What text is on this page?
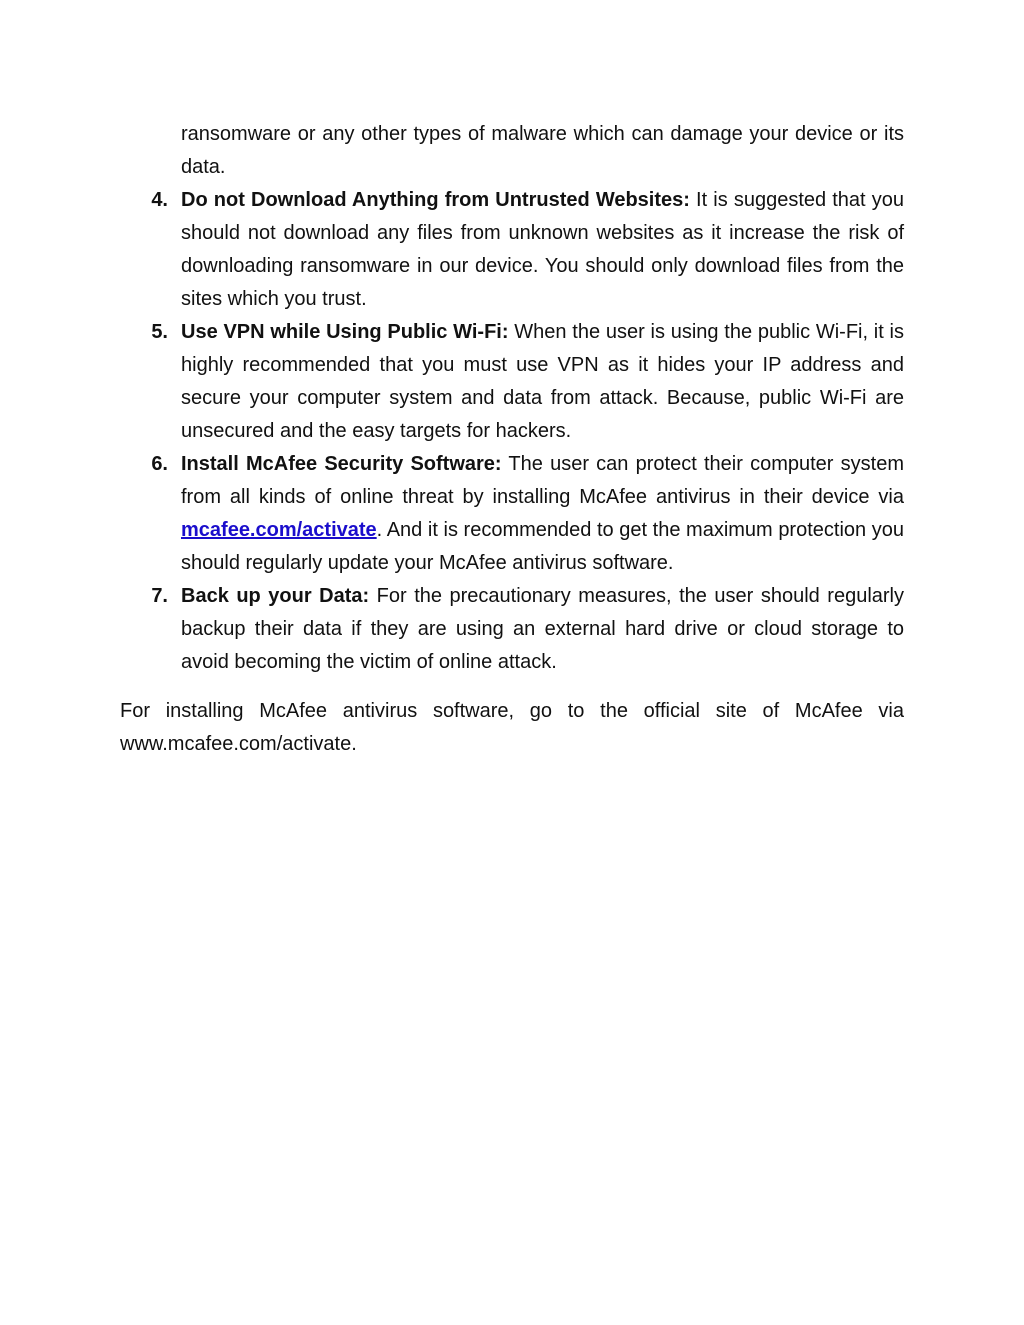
ransomware or any other types of malware which can damage your device or its data.

4. Do not Download Anything from Untrusted Websites: It is suggested that you should not download any files from unknown websites as it increase the risk of downloading ransomware in our device. You should only download files from the sites which you trust.
5. Use VPN while Using Public Wi-Fi: When the user is using the public Wi-Fi, it is highly recommended that you must use VPN as it hides your IP address and secure your computer system and data from attack. Because, public Wi-Fi are unsecured and the easy targets for hackers.
6. Install McAfee Security Software: The user can protect their computer system from all kinds of online threat by installing McAfee antivirus in their device via mcafee.com/activate. And it is recommended to get the maximum protection you should regularly update your McAfee antivirus software.
7. Back up your Data: For the precautionary measures, the user should regularly backup their data if they are using an external hard drive or cloud storage to avoid becoming the victim of online attack.

For installing McAfee antivirus software, go to the official site of McAfee via www.mcafee.com/activate.
